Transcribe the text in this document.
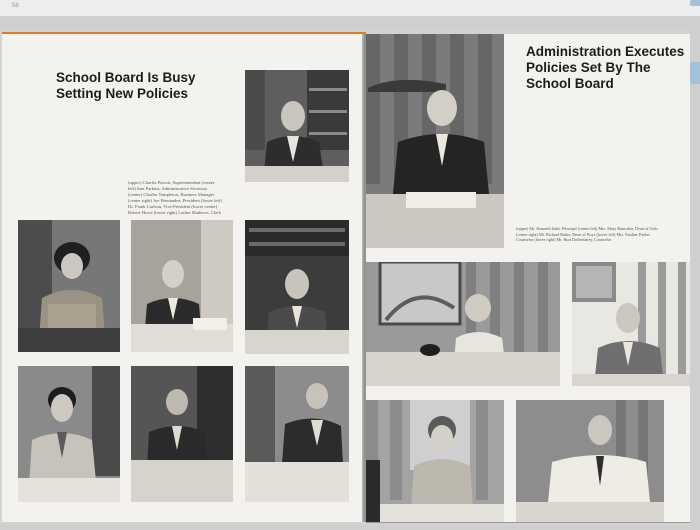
58
School Board Is Busy
Setting New Policies
(upper) Charles Parrott, Superintendent (center
left) Ann Parkins, Administrative Secretary
(center) Charles Templeton, Business Manager
(center right) Joe Hernandez, President (lower left)
Dr. Frank Carlson, Vice-President (lower center)
Robert Howe (lower right) Luther Mathews, Clerk
Administration Executes
Policies Set By The
School Board
(upper) Mr. Kenneth Judd, Principal (center left) Mrs. Mary Ramsden, Dean of Girls
(center right) Mr. Richard Bailie, Dean of Boys (lower left) Mrs. Pauline Parker
Counselor (lower right) Mr. Burt Dollenbarry, Counselor
